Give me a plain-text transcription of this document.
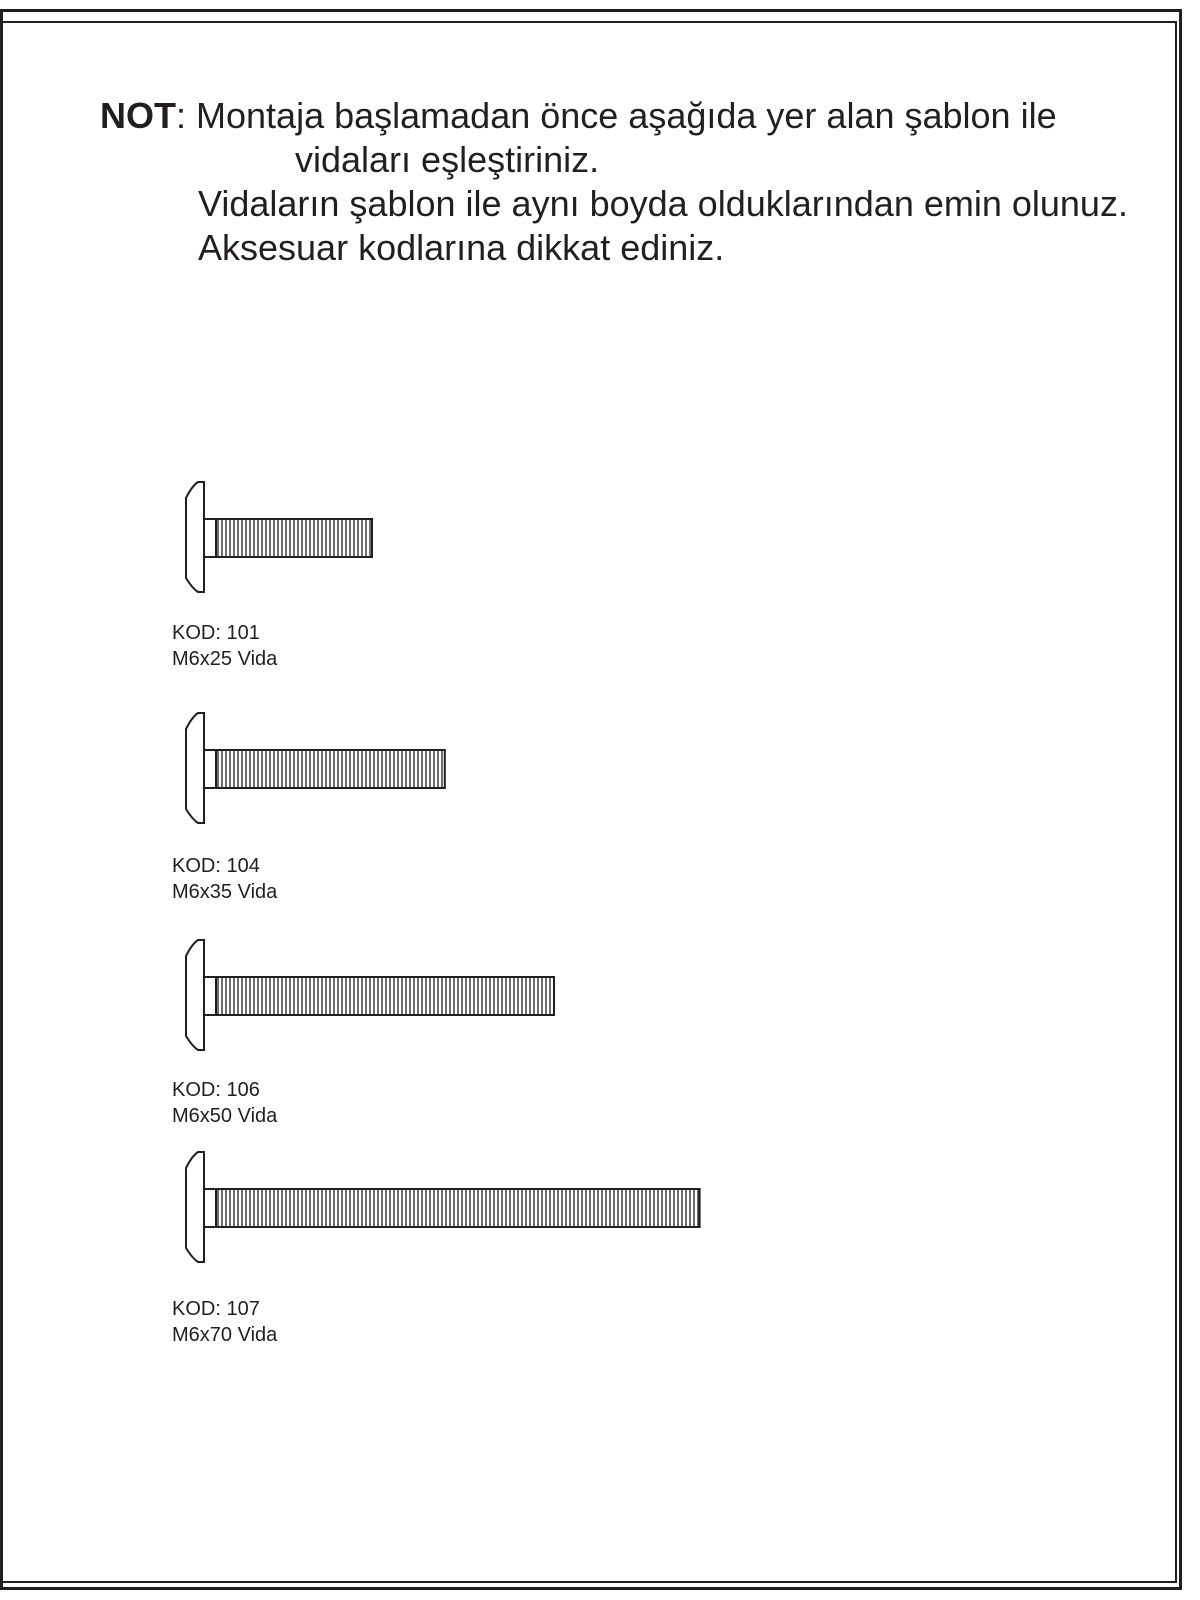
NOT: Montaja başlamadan önce aşağıda yer alan şablon ile
vidaları eşleştiriniz.
Vidaların şablon ile aynı boyda olduklarından emin olunuz.
Aksesuar kodlarına dikkat ediniz.
KOD: 101
M6x25 Vida
KOD: 104
M6x35 Vida
KOD: 106
M6x50 Vida
KOD: 107
M6x70 Vida
